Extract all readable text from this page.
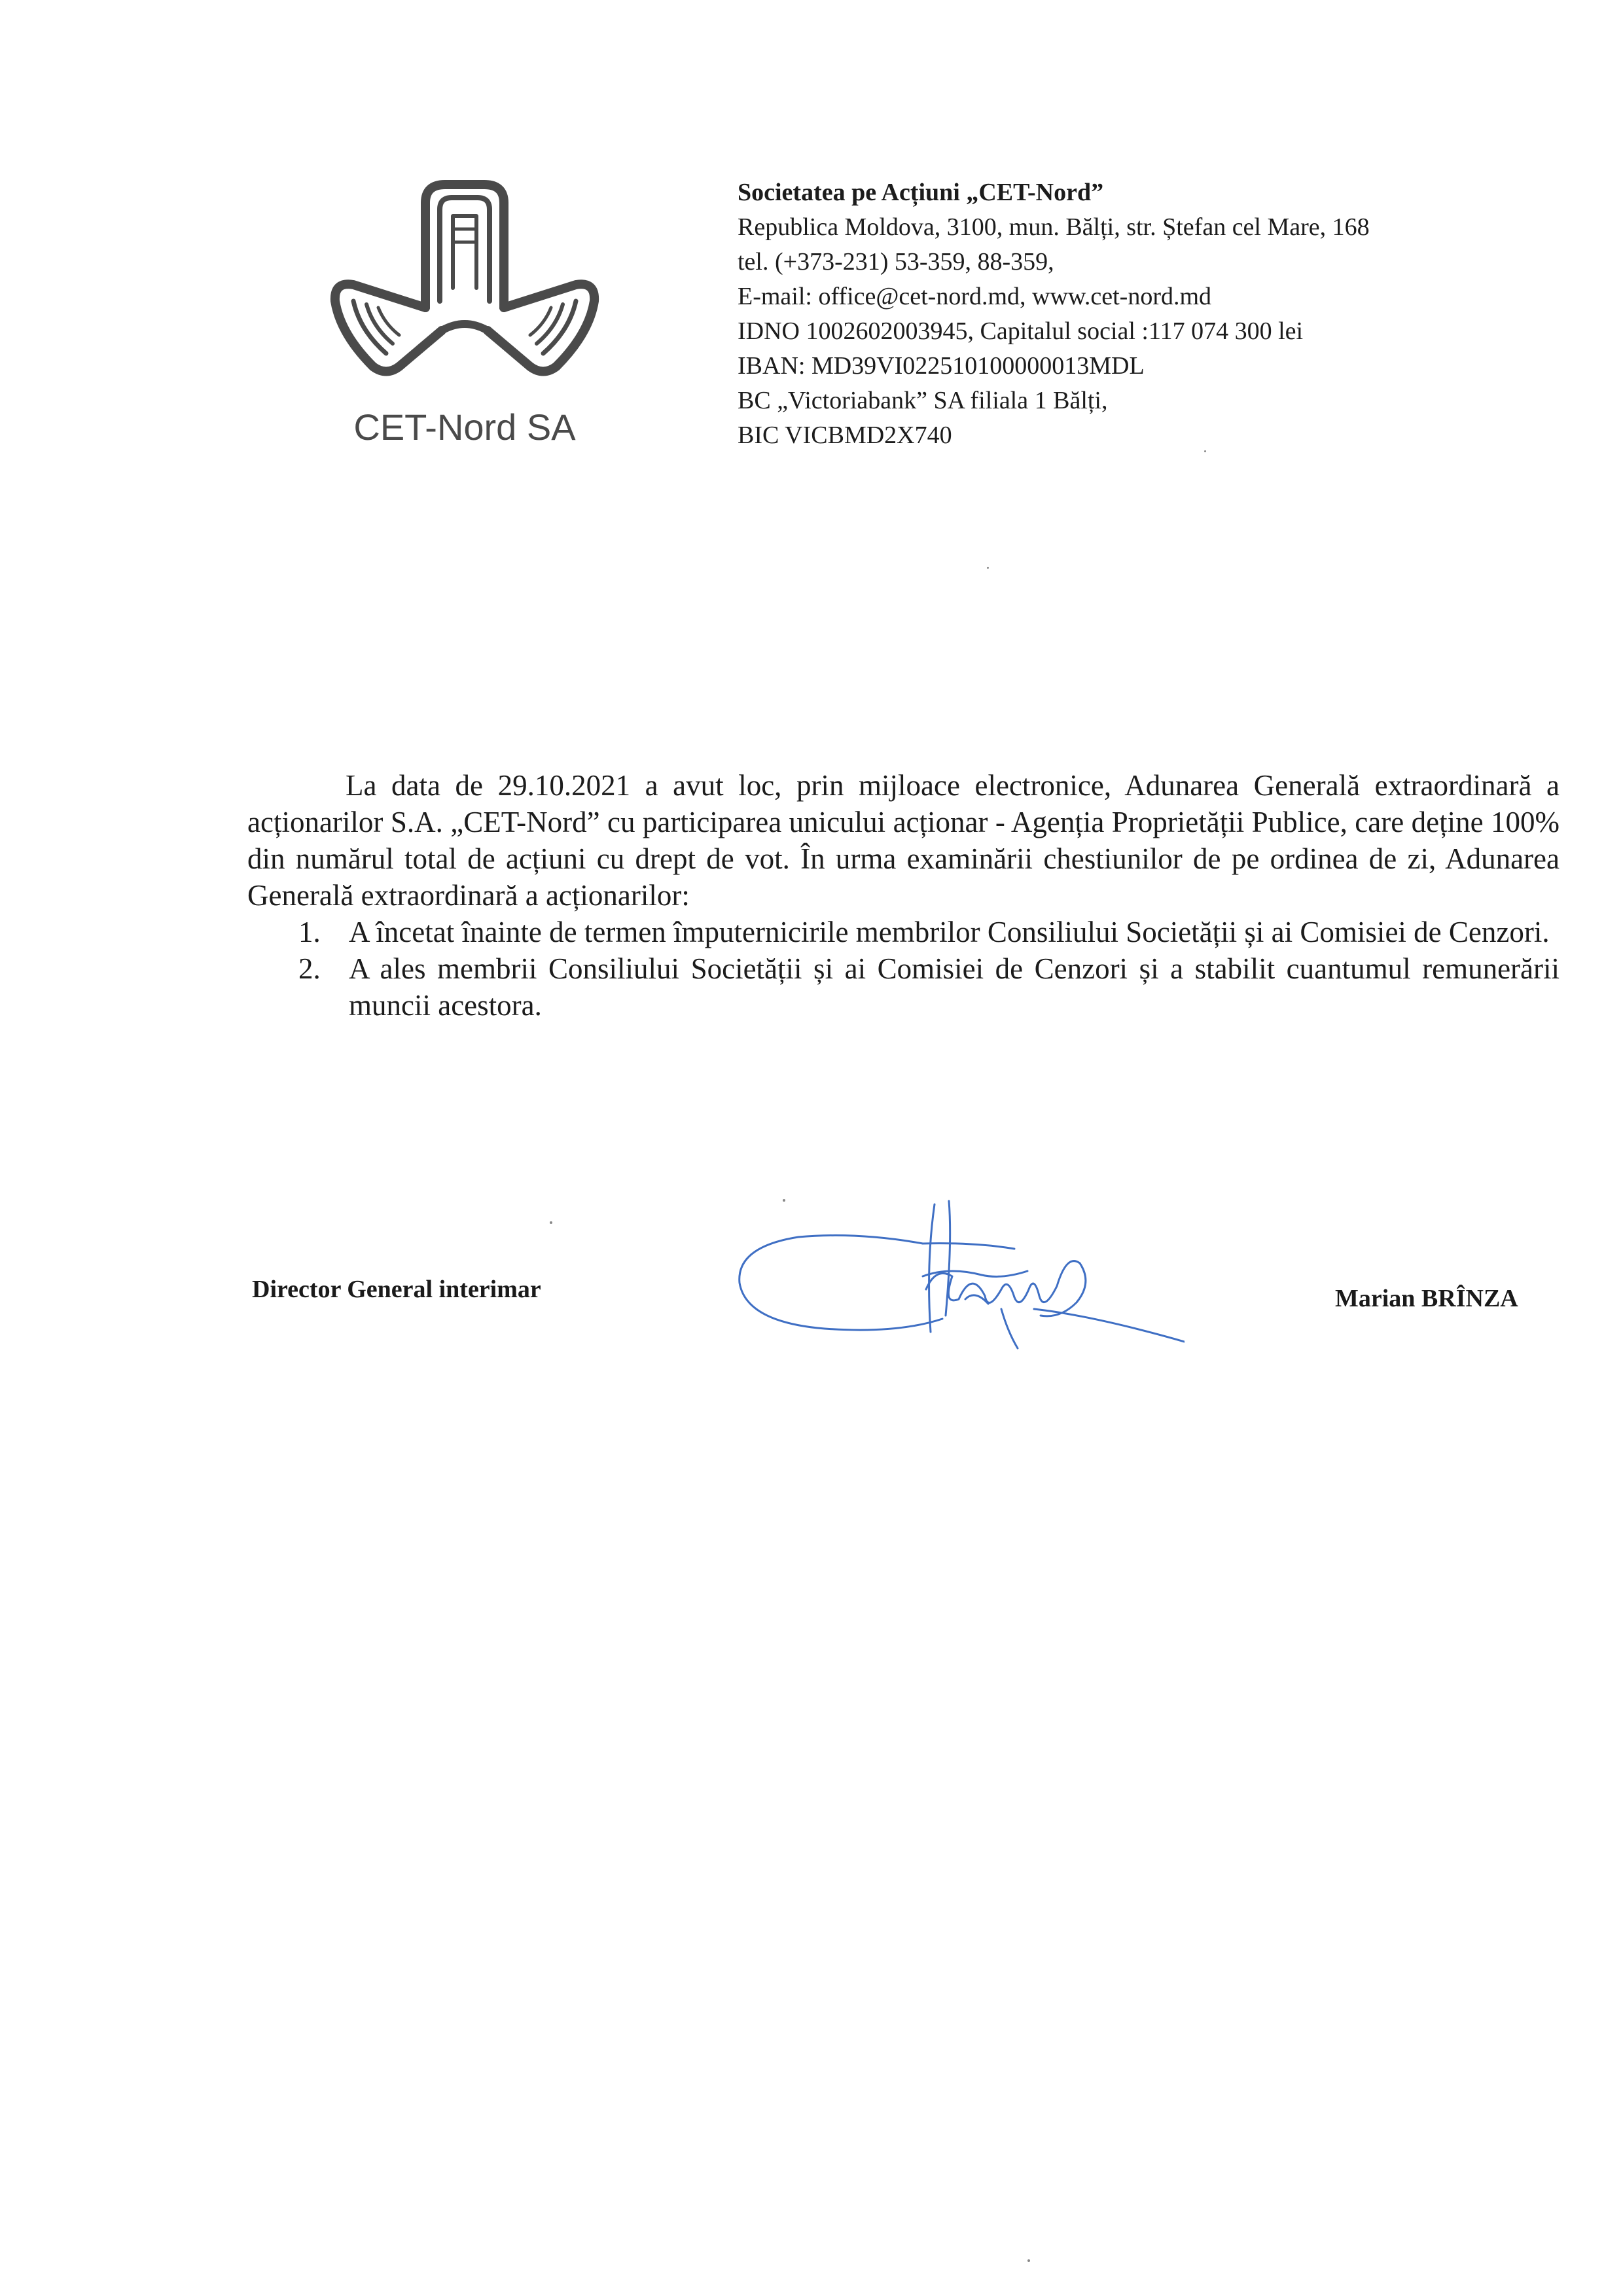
CET-Nord SA
Societatea pe Acțiuni „CET-Nord”
Republica Moldova, 3100, mun. Bălți, str. Ștefan cel Mare, 168
tel. (+373-231) 53-359, 88-359,
E-mail: office@cet-nord.md, www.cet-nord.md
IDNO 1002602003945, Capitalul social :117 074 300 lei
IBAN: MD39VI022510100000013MDL
BC „Victoriabank” SA filiala 1 Bălți,
BIC VICBMD2X740

La data de 29.10.2021 a avut loc, prin mijloace electronice, Adunarea Generală extraordinară a acționarilor S.A. „CET-Nord” cu participarea unicului acționar - Agenția Proprietății Publice, care deține 100% din numărul total de acțiuni cu drept de vot. În urma examinării chestiunilor de pe ordinea de zi, Adunarea Generală extraordinară a acționarilor:

1. A încetat înainte de termen împuternicirile membrilor Consiliului Societății și ai Comisiei de Cenzori.
2. A ales membrii Consiliului Societății și ai Comisiei de Cenzori și a stabilit cuantumul remunerării muncii acestora.
Director General interimar	Marian BRÎNZA
